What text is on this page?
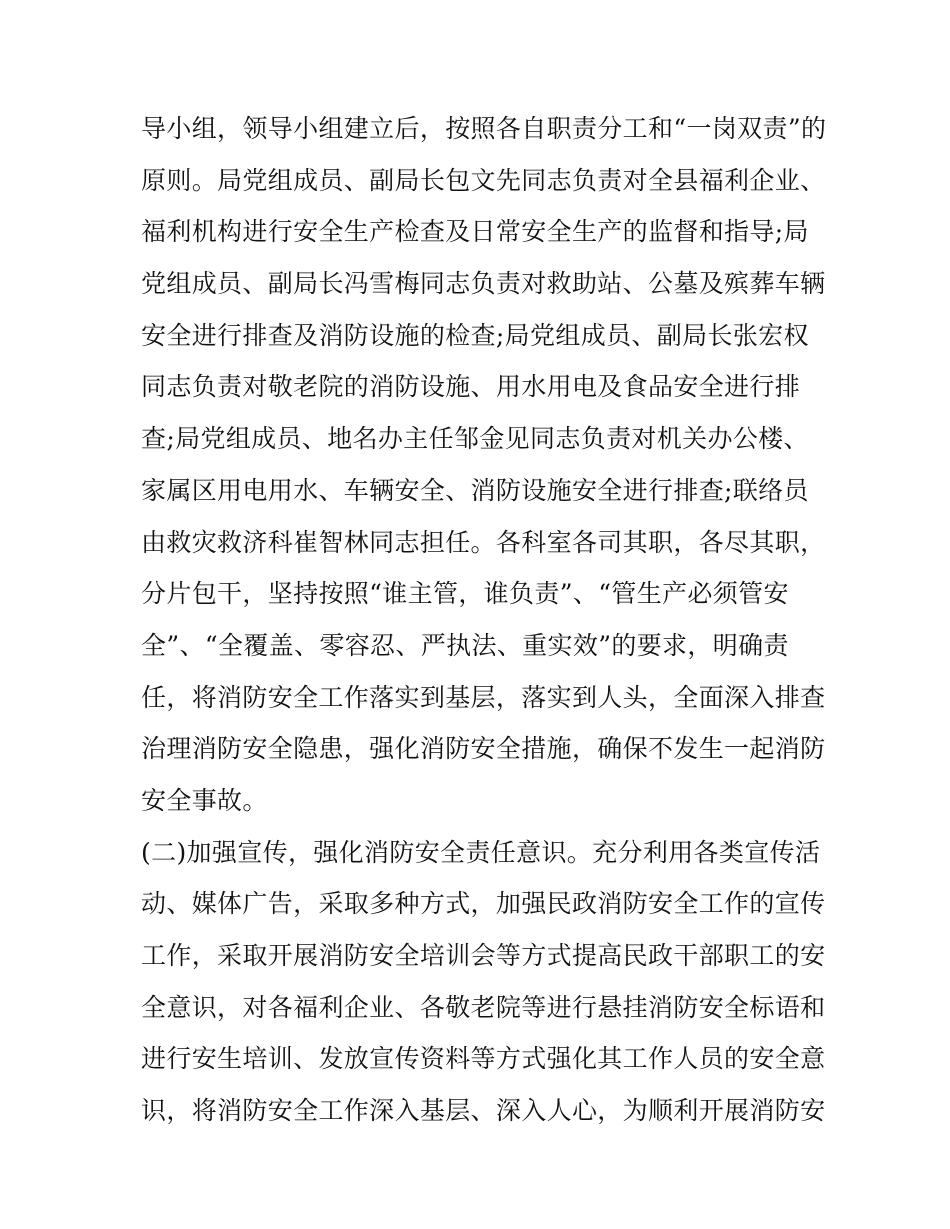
导小组，领导小组建立后，按照各自职责分工和“一岗双责”的
原则。局党组成员、副局长包文先同志负责对全县福利企业、
福利机构进行安全生产检查及日常安全生产的监督和指导;局
党组成员、副局长冯雪梅同志负责对救助站、公墓及殡葬车辆
安全进行排查及消防设施的检查;局党组成员、副局长张宏权
同志负责对敬老院的消防设施、用水用电及食品安全进行排
查;局党组成员、地名办主任邹金见同志负责对机关办公楼、
家属区用电用水、车辆安全、消防设施安全进行排查;联络员
由救灾救济科崔智林同志担任。各科室各司其职，各尽其职，
分片包干，坚持按照“谁主管，谁负责”、“管生产必须管安
全”、“全覆盖、零容忍、严执法、重实效”的要求，明确责
任，将消防安全工作落实到基层，落实到人头，全面深入排查
治理消防安全隐患，强化消防安全措施，确保不发生一起消防
安全事故。
(二)加强宣传，强化消防安全责任意识。充分利用各类宣传活
动、媒体广告，采取多种方式，加强民政消防安全工作的宣传
工作，采取开展消防安全培训会等方式提高民政干部职工的安
全意识，对各福利企业、各敬老院等进行悬挂消防安全标语和
进行安生培训、发放宣传资料等方式强化其工作人员的安全意
识，将消防安全工作深入基层、深入人心，为顺利开展消防安
